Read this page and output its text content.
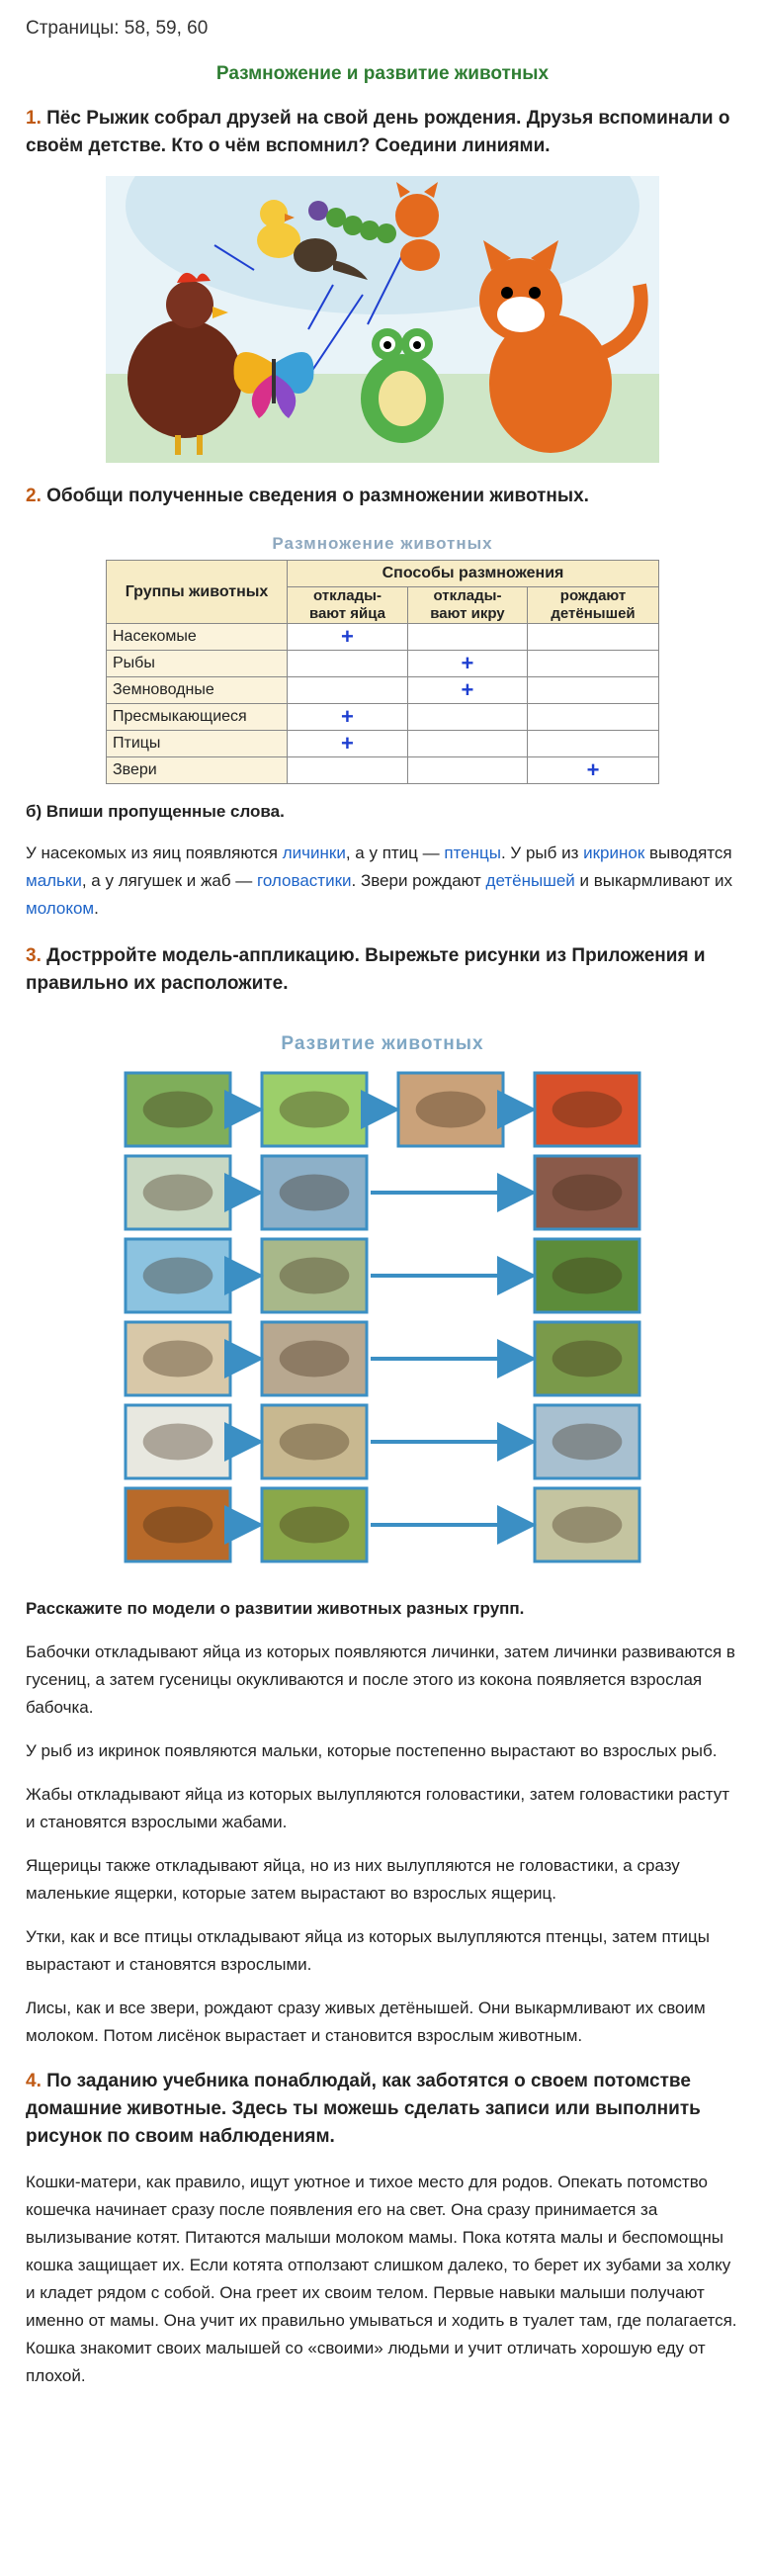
Страницы: 58, 59, 60
Размножение и развитие животных
1. Пёс Рыжик собрал друзей на свой день рождения. Друзья вспоминали о своём детстве. Кто о чём вспомнил? Соедини линиями.
2. Обобщи полученные сведения о размножении животных.
Размножение животных
Группы животных	Способы размножения		
	отклады- вают яйца	отклады- вают икру	рождают детёнышей
Насекомые	+		
Рыбы		+	
Земноводные		+	
Пресмыкающиеся	+		
Птицы	+		
Звери			+
б) Впиши пропущенные слова.
У насекомых из яиц появляются личинки, а у птиц — птенцы. У рыб из икринок выводятся мальки, а у лягушек и жаб — головастики. Звери рождают детёнышей и выкармливают их молоком.
3. Дострройте модель-аппликацию. Вырежьте рисунки из Приложения и правильно их расположите.
Развитие животных
Расскажите по модели о развитии животных разных групп.
Бабочки откладывают яйца из которых появляются личинки, затем личинки развиваются в гусениц, а затем гусеницы окукливаются и после этого из кокона появляется взрослая бабочка.
У рыб из икринок появляются мальки, которые постепенно вырастают во взрослых рыб.
Жабы откладывают яйца из которых вылупляются головастики, затем головастики растут и становятся взрослыми жабами.
Ящерицы также откладывают яйца, но из них вылупляются не головастики, а сразу маленькие ящерки, которые затем вырастают во взрослых ящериц.
Утки, как и все птицы откладывают яйца из которых вылупляются птенцы, затем птицы вырастают и становятся взрослыми.
Лисы, как и все звери, рождают сразу живых детёнышей. Они выкармливают их своим молоком. Потом лисёнок вырастает и становится взрослым животным.
4. По заданию учебника понаблюдай, как заботятся о своем потомстве домашние животные. Здесь ты можешь сделать записи или выполнить рисунок по своим наблюдениям.
Кошки-матери, как правило, ищут уютное и тихое место для родов. Опекать потомство кошечка начинает сразу после появления его на свет. Она сразу принимается за вылизывание котят. Питаются малыши молоком мамы. Пока котята малы и беспомощны кошка защищает их. Если котята отползают слишком далеко, то берет их зубами за холку и кладет рядом с собой. Она греет их своим телом. Первые навыки малыши получают именно от мамы. Она учит их правильно умываться и ходить в туалет там, где полагается. Кошка знакомит своих малышей со «своими» людьми и учит отличать хорошую еду от плохой.
